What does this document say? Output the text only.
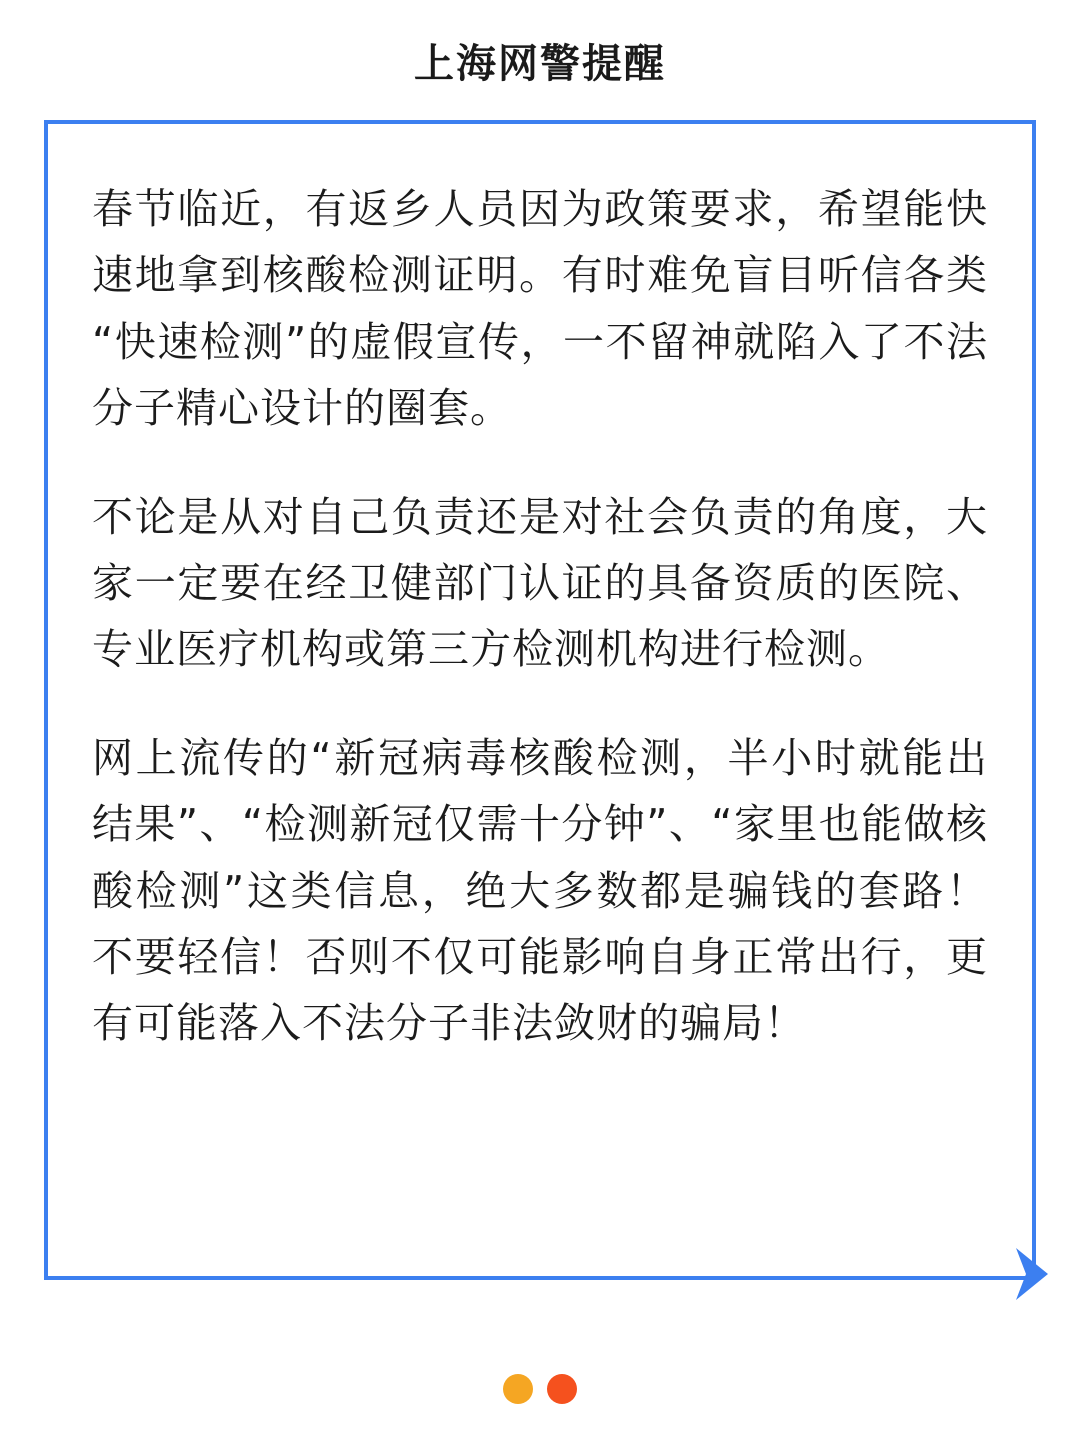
上海网警提醒

春节临近，有返乡人员因为政策要求，希望能快速地拿到核酸检测证明。有时难免盲目听信各类“快速检测”的虚假宣传，一不留神就陷入了不法分子精心设计的圈套。

不论是从对自己负责还是对社会负责的角度，大家一定要在经卫健部门认证的具备资质的医院、专业医疗机构或第三方检测机构进行检测。

网上流传的“新冠病毒核酸检测，半小时就能出结果”、“检测新冠仅需十分钟”、“家里也能做核酸检测”这类信息，绝大多数都是骗钱的套路！不要轻信！否则不仅可能影响自身正常出行，更有可能落入不法分子非法敛财的骗局！
